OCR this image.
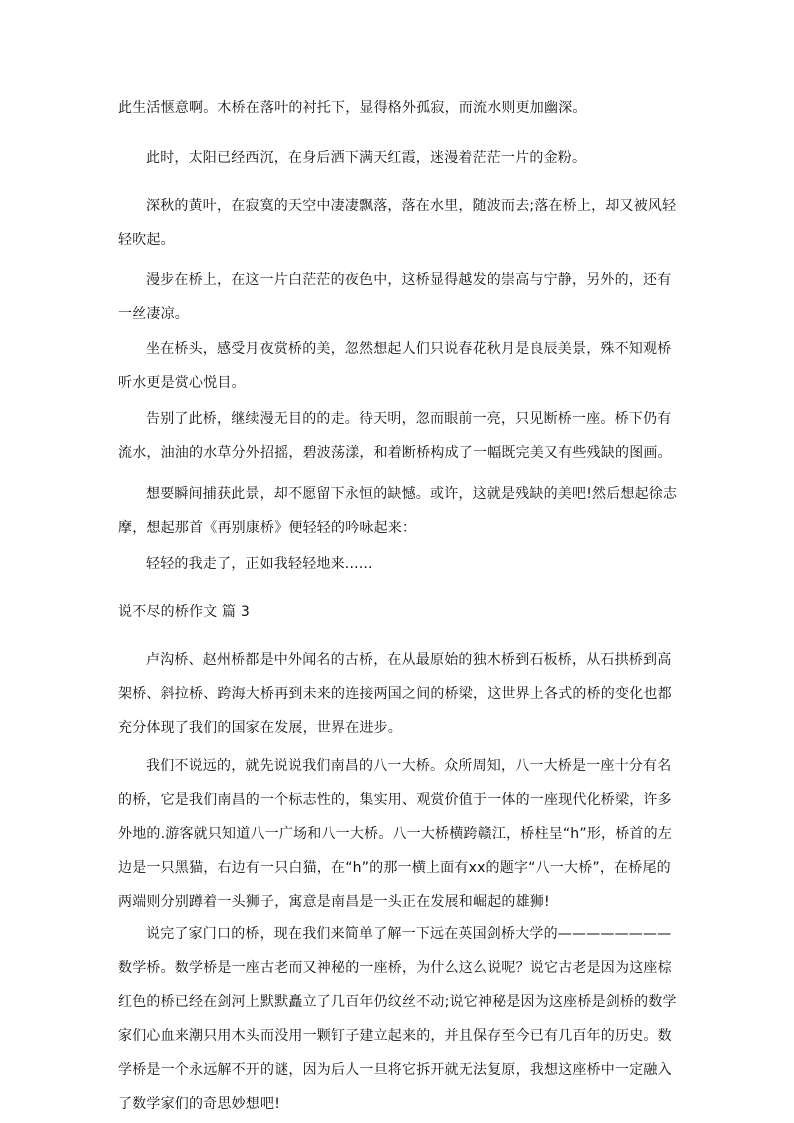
此生活惬意啊。木桥在落叶的衬托下，显得格外孤寂，而流水则更加幽深。

此时，太阳已经西沉，在身后洒下满天红霞，迷漫着茫茫一片的金粉。

深秋的黄叶，在寂寞的天空中凄凄飘落，落在水里，随波而去;落在桥上，却又被风轻轻吹起。

漫步在桥上，在这一片白茫茫的夜色中，这桥显得越发的崇高与宁静，另外的，还有一丝凄凉。

坐在桥头，感受月夜赏桥的美，忽然想起人们只说春花秋月是良辰美景，殊不知观桥听水更是赏心悦目。

告别了此桥，继续漫无目的的走。待天明，忽而眼前一亮，只见断桥一座。桥下仍有流水，油油的水草分外招摇，碧波荡漾，和着断桥构成了一幅既完美又有些残缺的图画。

想要瞬间捕获此景，却不愿留下永恒的缺憾。或许，这就是残缺的美吧!然后想起徐志摩，想起那首《再别康桥》便轻轻的吟咏起来：

轻轻的我走了，正如我轻轻地来......

说不尽的桥作文 篇 3

卢沟桥、赵州桥都是中外闻名的古桥，在从最原始的独木桥到石板桥，从石拱桥到高架桥、斜拉桥、跨海大桥再到未来的连接两国之间的桥梁，这世界上各式的桥的变化也都充分体现了我们的国家在发展，世界在进步。

我们不说远的，就先说说我们南昌的八一大桥。众所周知，八一大桥是一座十分有名的桥，它是我们南昌的一个标志性的，集实用、观赏价值于一体的一座现代化桥梁，许多外地的.游客就只知道八一广场和八一大桥。八一大桥横跨赣江，桥柱呈“h”形，桥首的左边是一只黑猫，右边有一只白猫，在“h”的那一横上面有xx的题字“八一大桥”，在桥尾的两端则分别蹲着一头狮子，寓意是南昌是一头正在发展和崛起的雄狮!

说完了家门口的桥，现在我们来简单了解一下远在英国剑桥大学的————————数学桥。数学桥是一座古老而又神秘的一座桥，为什么这么说呢？说它古老是因为这座棕红色的桥已经在剑河上默默矗立了几百年仍纹丝不动;说它神秘是因为这座桥是剑桥的数学家们心血来潮只用木头而没用一颗钉子建立起来的，并且保存至今已有几百年的历史。数学桥是一个永远解不开的谜，因为后人一旦将它拆开就无法复原，我想这座桥中一定融入了数学家们的奇思妙想吧!
